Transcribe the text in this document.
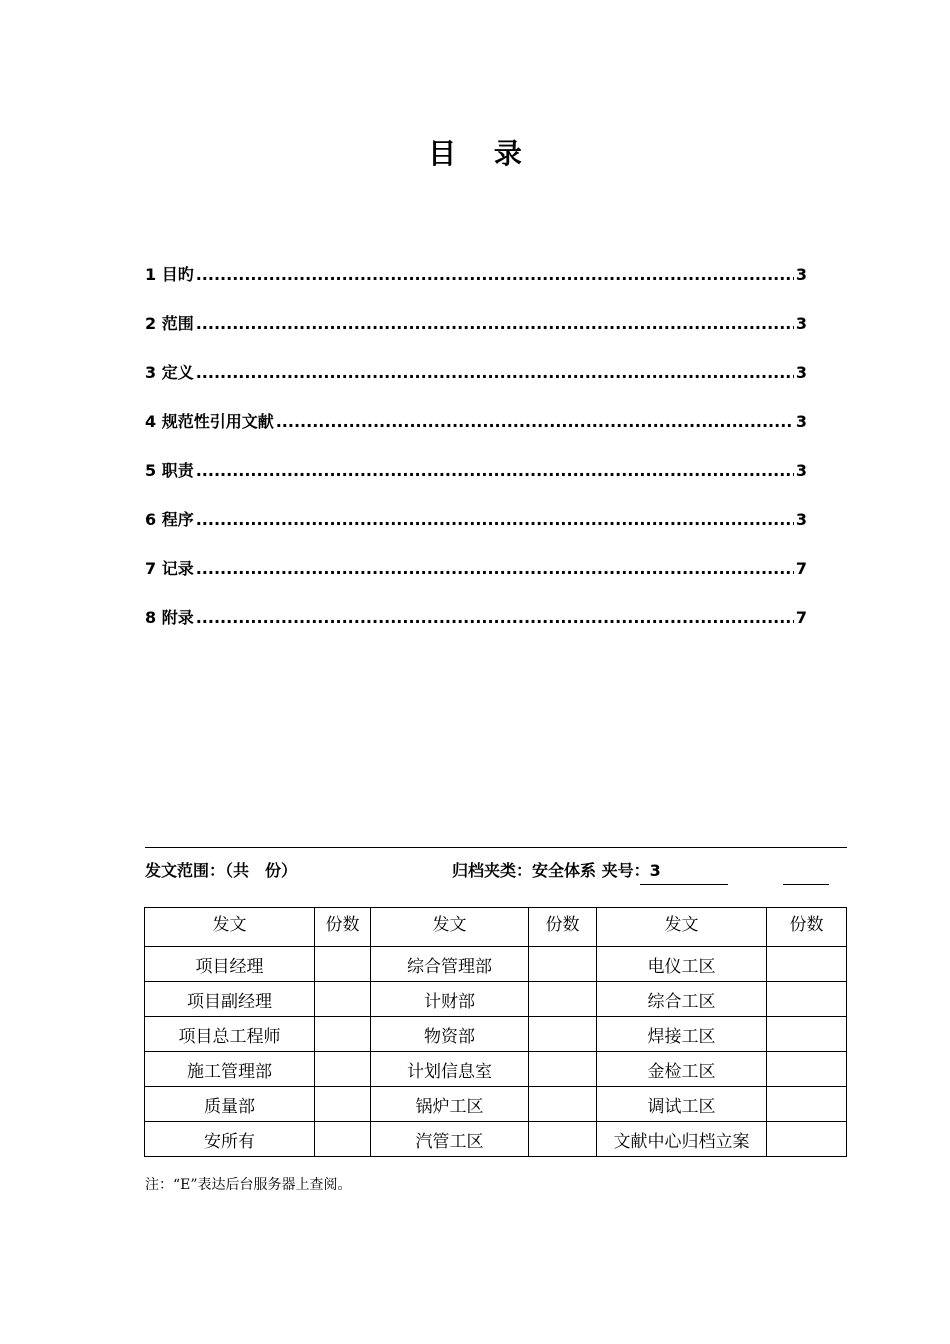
目 录
1 目旳 .....	3
2 范围 .....	3
3 定义 .....	3
4 规范性引用文献 .....	3
5 职责 .....	3
6 程序 .....	3
7 记录 .....	7
8 附录 .....	7
发文范围：（共　份）	归档夹类：安全体系 夹号：3
发文	份数	发文	份数	发文	份数
项目经理		综合管理部		电仪工区	
项目副经理		计财部		综合工区	
项目总工程师		物资部		焊接工区	
施工管理部		计划信息室		金检工区	
质量部		锅炉工区		调试工区	
安所有		汽管工区		文献中心归档立案	
注：“E”表达后台服务器上查阅。
